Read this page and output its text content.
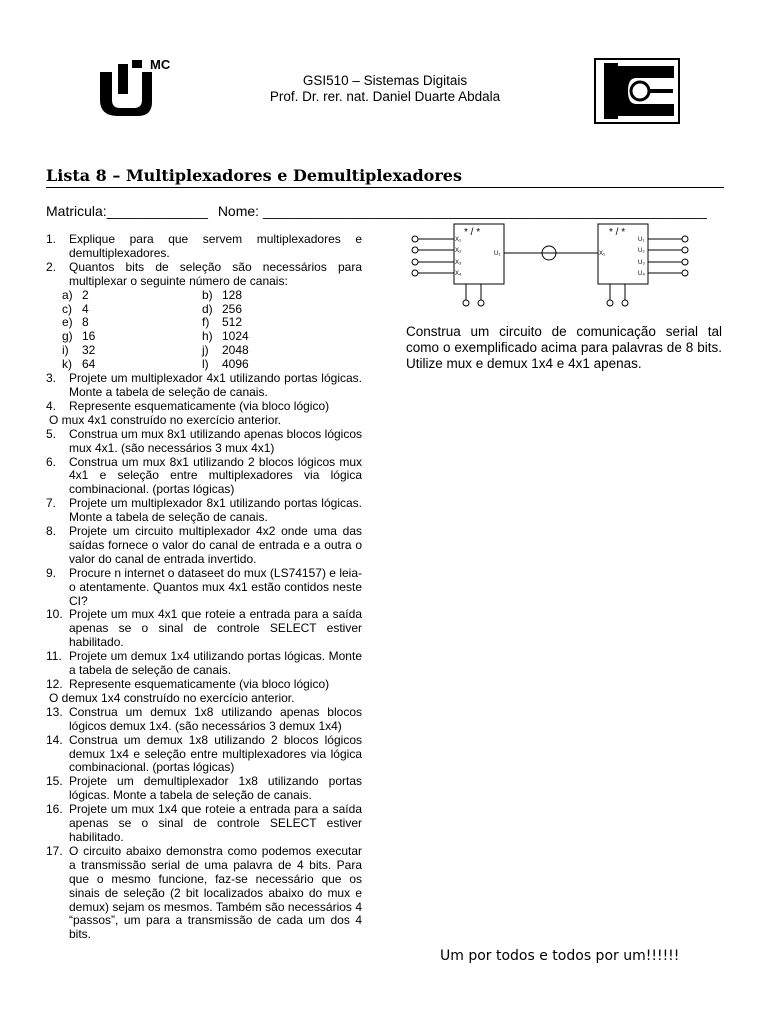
MC
GSI510 – Sistemas Digitais
Prof. Dr. rer. nat. Daniel Duarte Abdala
Lista 8 – Multiplexadores e Demultiplexadores
Matricula:_____________ Nome: _________________________________________________________
1.	Explique para que servem multiplexadores e demultiplexadores.
2.	Quantos bits de seleção são necessários para multiplexar o seguinte número de canais:
a) 2	b) 128
c) 4	d) 256
e) 8	f)	512
g) 16	h) 1024
i)	32	j)	2048
k) 64	l)	4096
3.	Projete um multiplexador 4x1 utilizando portas lógicas. Monte a tabela de seleção de canais.
4.	Represente esquematicamente (via bloco lógico)
O mux 4x1 construído no exercício anterior.
5.	Construa um mux 8x1 utilizando apenas blocos lógicos mux 4x1. (são necessários 3 mux 4x1)
6.	Construa um mux 8x1 utilizando 2 blocos lógicos mux 4x1 e seleção entre multiplexadores via lógica combinacional. (portas lógicas)
7.	Projete um multiplexador 8x1 utilizando portas lógicas. Monte a tabela de seleção de canais.
8.	Projete um circuito multiplexador 4x2 onde uma das saídas fornece o valor do canal de entrada e a outra o valor do canal de entrada invertido.
9.	Procure n internet o dataseet do mux (LS74157) e leia-o atentamente. Quantos mux 4x1 estão contidos neste CI?
10. Projete um mux 4x1 que roteie a entrada para a saída apenas se o sinal de controle SELECT estiver habilitado.
11. Projete um demux 1x4 utilizando portas lógicas. Monte a tabela de seleção de canais.
12. Represente esquematicamente (via bloco lógico)
O demux 1x4 construído no exercício anterior.
13. Construa um demux 1x8 utilizando apenas blocos lógicos demux 1x4. (são necessários 3 demux 1x4)
14. Construa um demux 1x8 utilizando 2 blocos lógicos demux 1x4 e seleção entre multiplexadores via lógica combinacional. (portas lógicas)
15. Projete um demultiplexador 1x8 utilizando portas lógicas. Monte a tabela de seleção de canais.
16. Projete um mux 1x4 que roteie a entrada para a saída apenas se o sinal de controle SELECT estiver habilitado.
17. O circuito abaixo demonstra como podemos executar a transmissão serial de uma palavra de 4 bits. Para que o mesmo funcione, faz-se necessário que os sinais de seleção (2 bit localizados abaixo do mux e demux) sejam os mesmos. Também são necessários 4 “passos”, um para a transmissão de cada um dos 4 bits.
* / *
X₁
X₂
X₃
X₄
U₁
* / *
X₁
U₁
U₂
U₃
U₄
Construa um circuito de comunicação serial tal como o exemplificado acima para palavras de 8 bits. Utilize mux e demux 1x4 e 4x1 apenas.
Um por todos e todos por um!!!!!!
